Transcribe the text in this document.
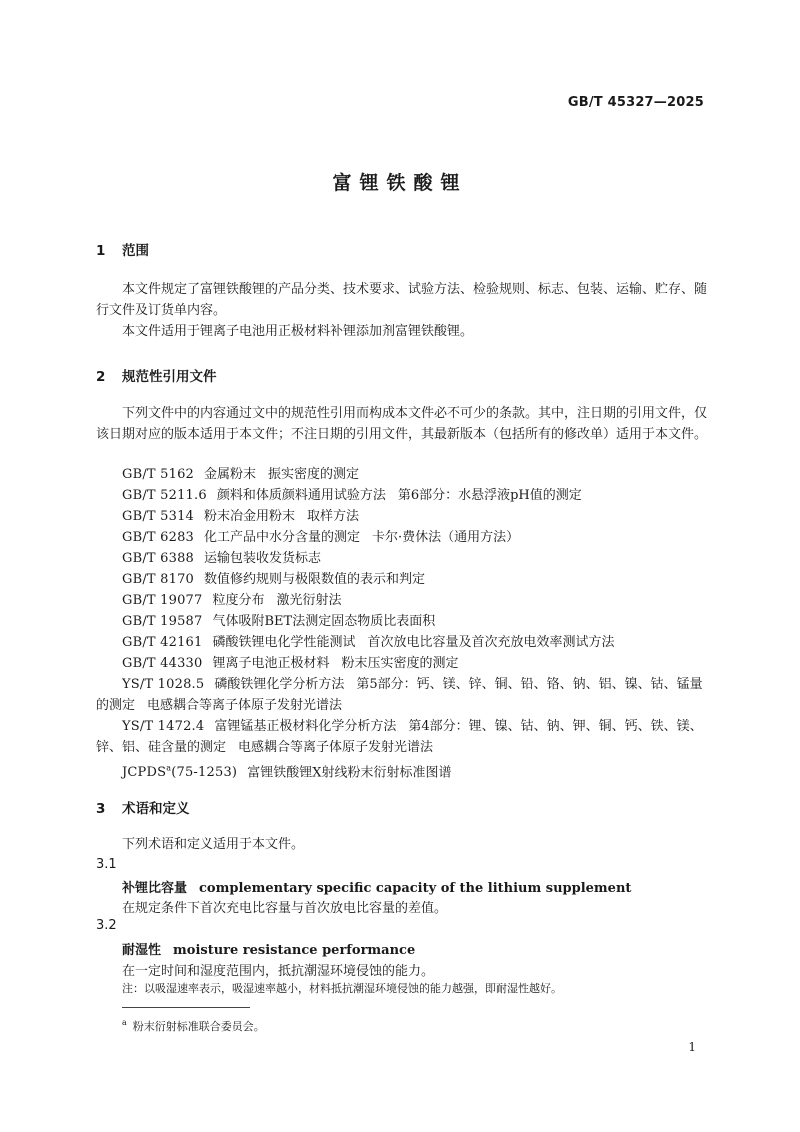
GB/T 45327—2025
富锂铁酸锂
1 范围
本文件规定了富锂铁酸锂的产品分类、技术要求、试验方法、检验规则、标志、包装、运输、贮存、随行文件及订货单内容。
本文件适用于锂离子电池用正极材料补锂添加剂富锂铁酸锂。
2 规范性引用文件
下列文件中的内容通过文中的规范性引用而构成本文件必不可少的条款。其中，注日期的引用文件，仅该日期对应的版本适用于本文件；不注日期的引用文件，其最新版本（包括所有的修改单）适用于本文件。
GB/T 5162 金属粉末 振实密度的测定
GB/T 5211.6 颜料和体质颜料通用试验方法 第6部分：水悬浮液pH值的测定
GB/T 5314 粉末冶金用粉末 取样方法
GB/T 6283 化工产品中水分含量的测定 卡尔·费休法（通用方法）
GB/T 6388 运输包装收发货标志
GB/T 8170 数值修约规则与极限数值的表示和判定
GB/T 19077 粒度分布 激光衍射法
GB/T 19587 气体吸附BET法测定固态物质比表面积
GB/T 42161 磷酸铁锂电化学性能测试 首次放电比容量及首次充放电效率测试方法
GB/T 44330 锂离子电池正极材料 粉末压实密度的测定
YS/T 1028.5 磷酸铁锂化学分析方法 第5部分：钙、镁、锌、铜、铅、铬、钠、铝、镍、钴、锰量的测定 电感耦合等离子体原子发射光谱法
YS/T 1472.4 富锂锰基正极材料化学分析方法 第4部分：锂、镍、钴、钠、钾、铜、钙、铁、镁、锌、铝、硅含量的测定 电感耦合等离子体原子发射光谱法
JCPDS$^a$(75-1253) 富锂铁酸锂X射线粉末衍射标准图谱
3 术语和定义
下列术语和定义适用于本文件。
3.1
补锂比容量 complementary specific capacity of the lithium supplement
在规定条件下首次充电比容量与首次放电比容量的差值。
3.2
耐湿性 moisture resistance performance
在一定时间和湿度范围内，抵抗潮湿环境侵蚀的能力。
注：以吸湿速率表示，吸湿速率越小，材料抵抗潮湿环境侵蚀的能力越强，即耐湿性越好。
$^a$ 粉末衍射标准联合委员会。
1
